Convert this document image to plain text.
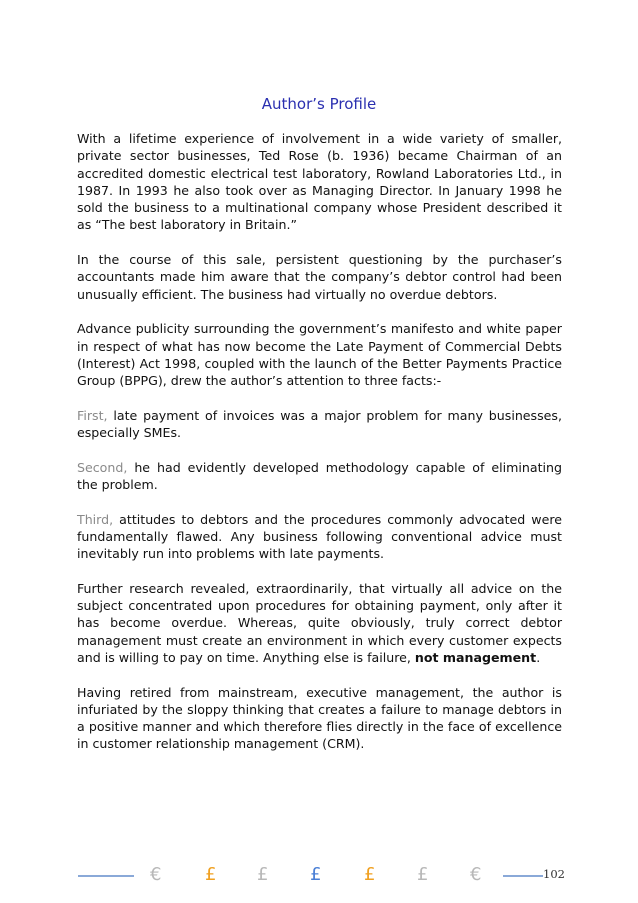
Author’s Profile

With a lifetime experience of involvement in a wide variety of smaller, private sector businesses, Ted Rose (b. 1936) became Chairman of an accredited domestic electrical test laboratory, Rowland Laboratories Ltd., in 1987. In 1993 he also took over as Managing Director. In January 1998 he sold the business to a multinational company whose President described it as “The best laboratory in Britain.”

In the course of this sale, persistent questioning by the purchaser’s accountants made him aware that the company’s debtor control had been unusually efficient. The business had virtually no overdue debtors.

Advance publicity surrounding the government’s manifesto and white paper in respect of what has now become the Late Payment of Commercial Debts (Interest) Act 1998, coupled with the launch of the Better Payments Practice Group (BPPG), drew the author’s attention to three facts:-

First, late payment of invoices was a major problem for many businesses, especially SMEs.

Second, he had evidently developed methodology capable of eliminating the problem.

Third, attitudes to debtors and the procedures commonly advocated were fundamentally flawed. Any business following conventional advice must inevitably run into problems with late payments.

Further research revealed, extraordinarily, that virtually all advice on the subject concentrated upon procedures for obtaining payment, only after it has become overdue. Whereas, quite obviously, truly correct debtor management must create an environment in which every customer expects and is willing to pay on time. Anything else is failure, not management.

Having retired from mainstream, executive management, the author is infuriated by the sloppy thinking that creates a failure to manage debtors in a positive manner and which therefore flies directly in the face of excellence in customer relationship management (CRM).

€ £ £ £ £ £ €	102
